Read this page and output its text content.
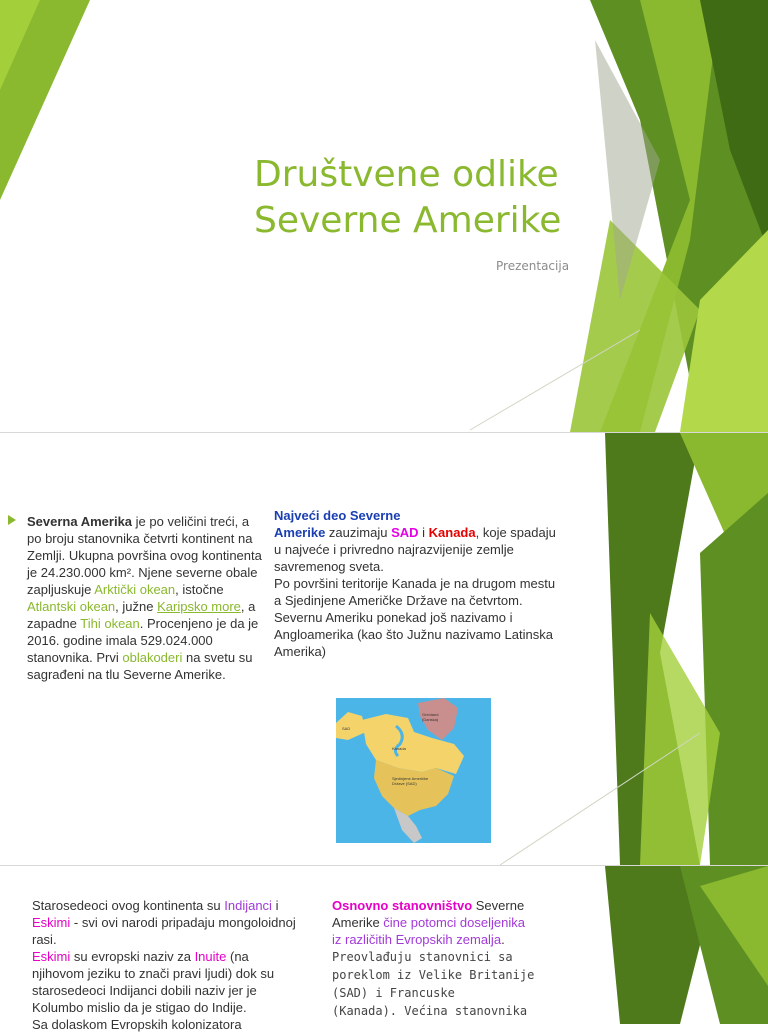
Društvene odlike
Severne Amerike
Prezentacija
Severna Amerika je po veličini treći, a po broju stanovnika četvrti kontinent na Zemlji. Ukupna površina ovog kontinenta je 24.230.000 km². Njene severne obale zapljuskuje Arktički okean, istočne Atlantski okean, južne Karipsko more, a zapadne Tihi okean. Procenjeno je da je 2016. godine imala 529.024.000 stanovnika. Prvi oblakoderi na svetu su sagrađeni na tlu Severne Amerike.
Najveći deo Severne
Amerike zauzimaju SAD i Kanada, koje spadaju u najveće i privredno najrazvijenije zemlje savremenog sveta.
Po površini teritorije Kanada je na drugom mestu a Sjedinjene Američke Države na četvrtom.
Severnu Ameriku ponekad još nazivamo i Angloamerika (kao što Južnu nazivamo Latinska Amerika)
Grenland (Danska)
SAD
Kanada
Sjedinjene Američke Države (SAD)
Starosedeoci ovog kontinenta su Indijanci i Eskimi - svi ovi narodi pripadaju mongoloidnoj rasi.
Eskimi su evropski naziv za Inuite (na njihovom jeziku to znači pravi ljudi) dok su starosedeoci Indijanci dobili naziv jer je Kolumbo mislio da je stigao do Indije.
Sa dolaskom Evropskih kolonizatora
Osnovno stanovništvo Severne Amerike čine potomci doseljenika iz različitih Evropskih zemalja.
Preovlađuju stanovnici sa poreklom iz Velike Britanije (SAD) i Francuske
(Kanada). Većina stanovnika
